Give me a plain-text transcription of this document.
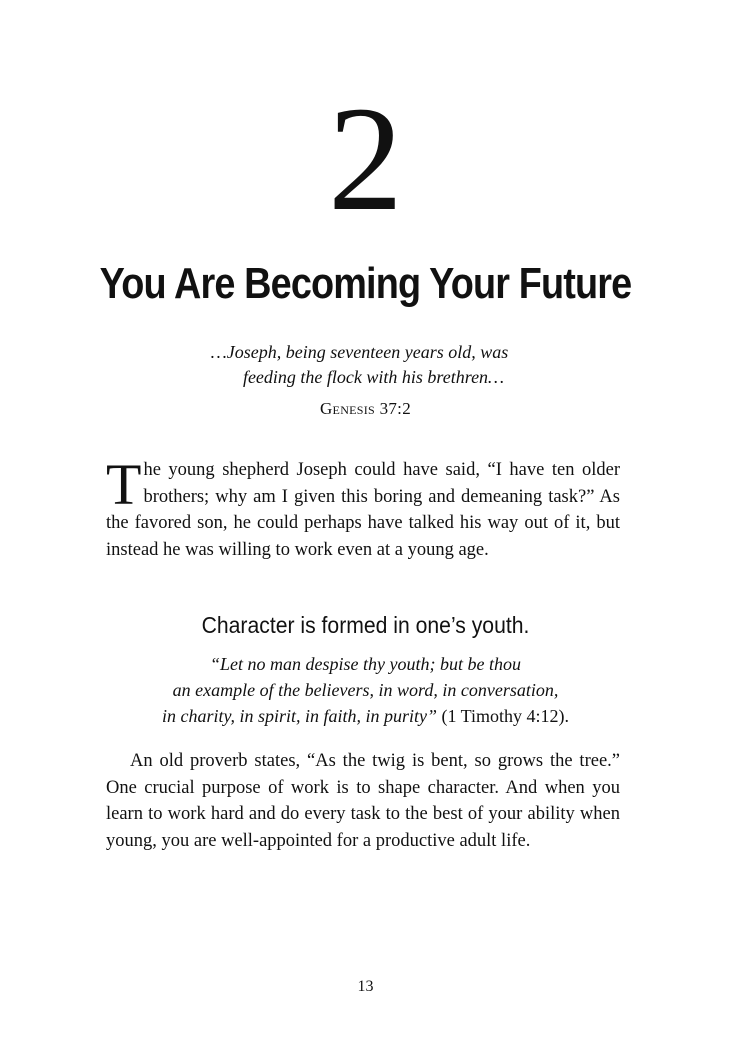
2
You Are Becoming Your Future
…Joseph, being seventeen years old, was
feeding the flock with his brethren…
Genesis 37:2
The young shepherd Joseph could have said, “I have ten older brothers; why am I given this boring and demeaning task?” As the favored son, he could perhaps have talked his way out of it, but instead he was willing to work even at a young age.
Character is formed in one’s youth.
“Let no man despise thy youth; but be thou
an example of the believers, in word, in conversation,
in charity, in spirit, in faith, in purity” (1 Timothy 4:12).
An old proverb states, “As the twig is bent, so grows the tree.” One crucial purpose of work is to shape character. And when you learn to work hard and do every task to the best of your ability when young, you are well-appointed for a productive adult life.
13
